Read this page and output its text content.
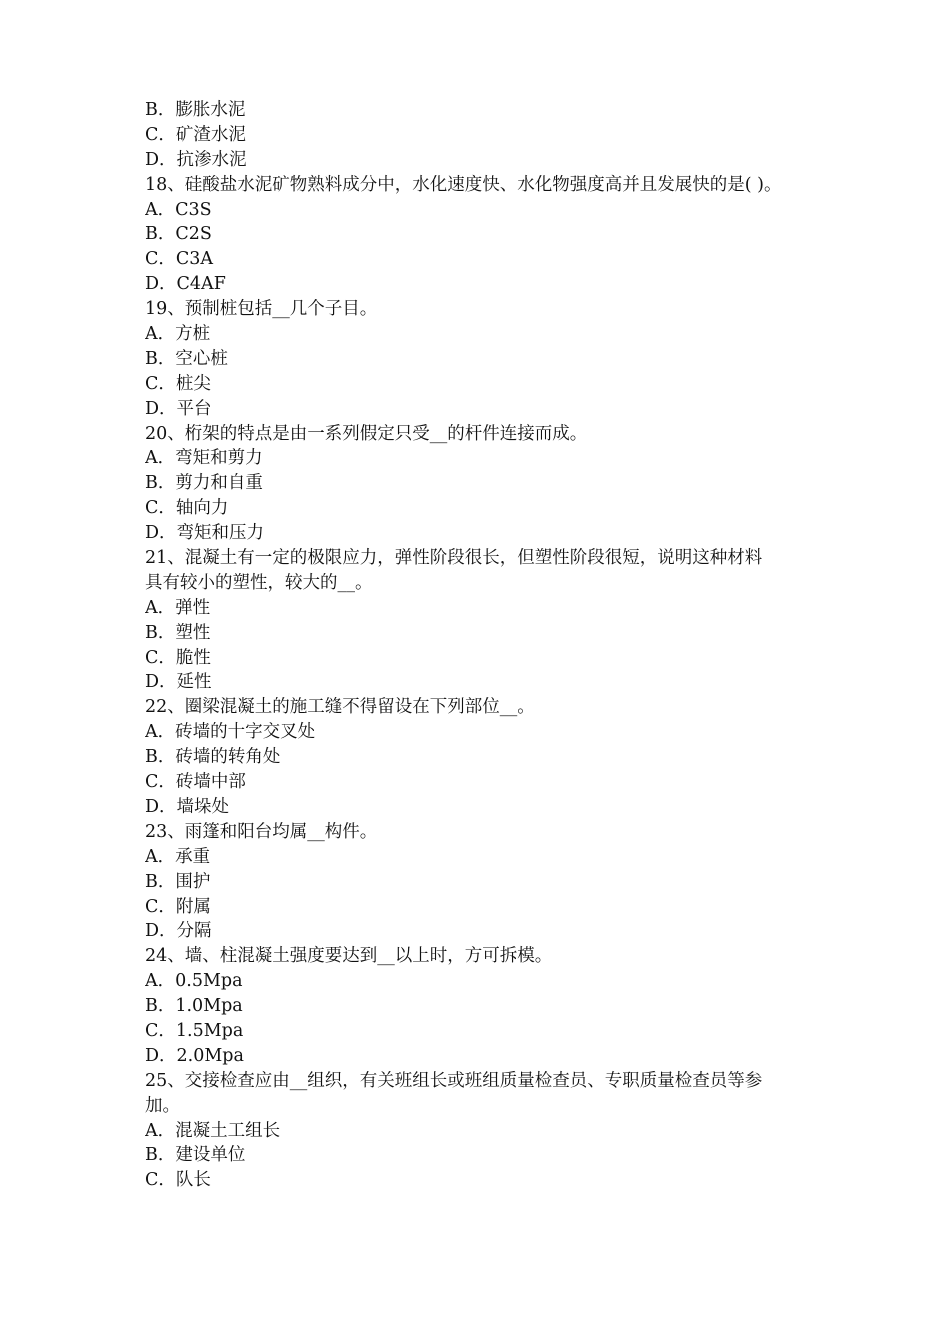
B．膨胀水泥
C．矿渣水泥
D．抗渗水泥
18、硅酸盐水泥矿物熟料成分中，水化速度快、水化物强度高并且发展快的是( )。
A．C3S
B．C2S
C．C3A
D．C4AF
19、预制桩包括__几个子目。
A．方桩
B．空心桩
C．桩尖
D．平台
20、桁架的特点是由一系列假定只受__的杆件连接而成。
A．弯矩和剪力
B．剪力和自重
C．轴向力
D．弯矩和压力
21、混凝土有一定的极限应力，弹性阶段很长，但塑性阶段很短，说明这种材料
具有较小的塑性，较大的__。
A．弹性
B．塑性
C．脆性
D．延性
22、圈梁混凝土的施工缝不得留设在下列部位__。
A．砖墙的十字交叉处
B．砖墙的转角处
C．砖墙中部
D．墙垛处
23、雨篷和阳台均属__构件。
A．承重
B．围护
C．附属
D．分隔
24、墙、柱混凝土强度要达到__以上时，方可拆模。
A．0.5Mpa
B．1.0Mpa
C．1.5Mpa
D．2.0Mpa
25、交接检查应由__组织，有关班组长或班组质量检查员、专职质量检查员等参
加。
A．混凝土工组长
B．建设单位
C．队长
